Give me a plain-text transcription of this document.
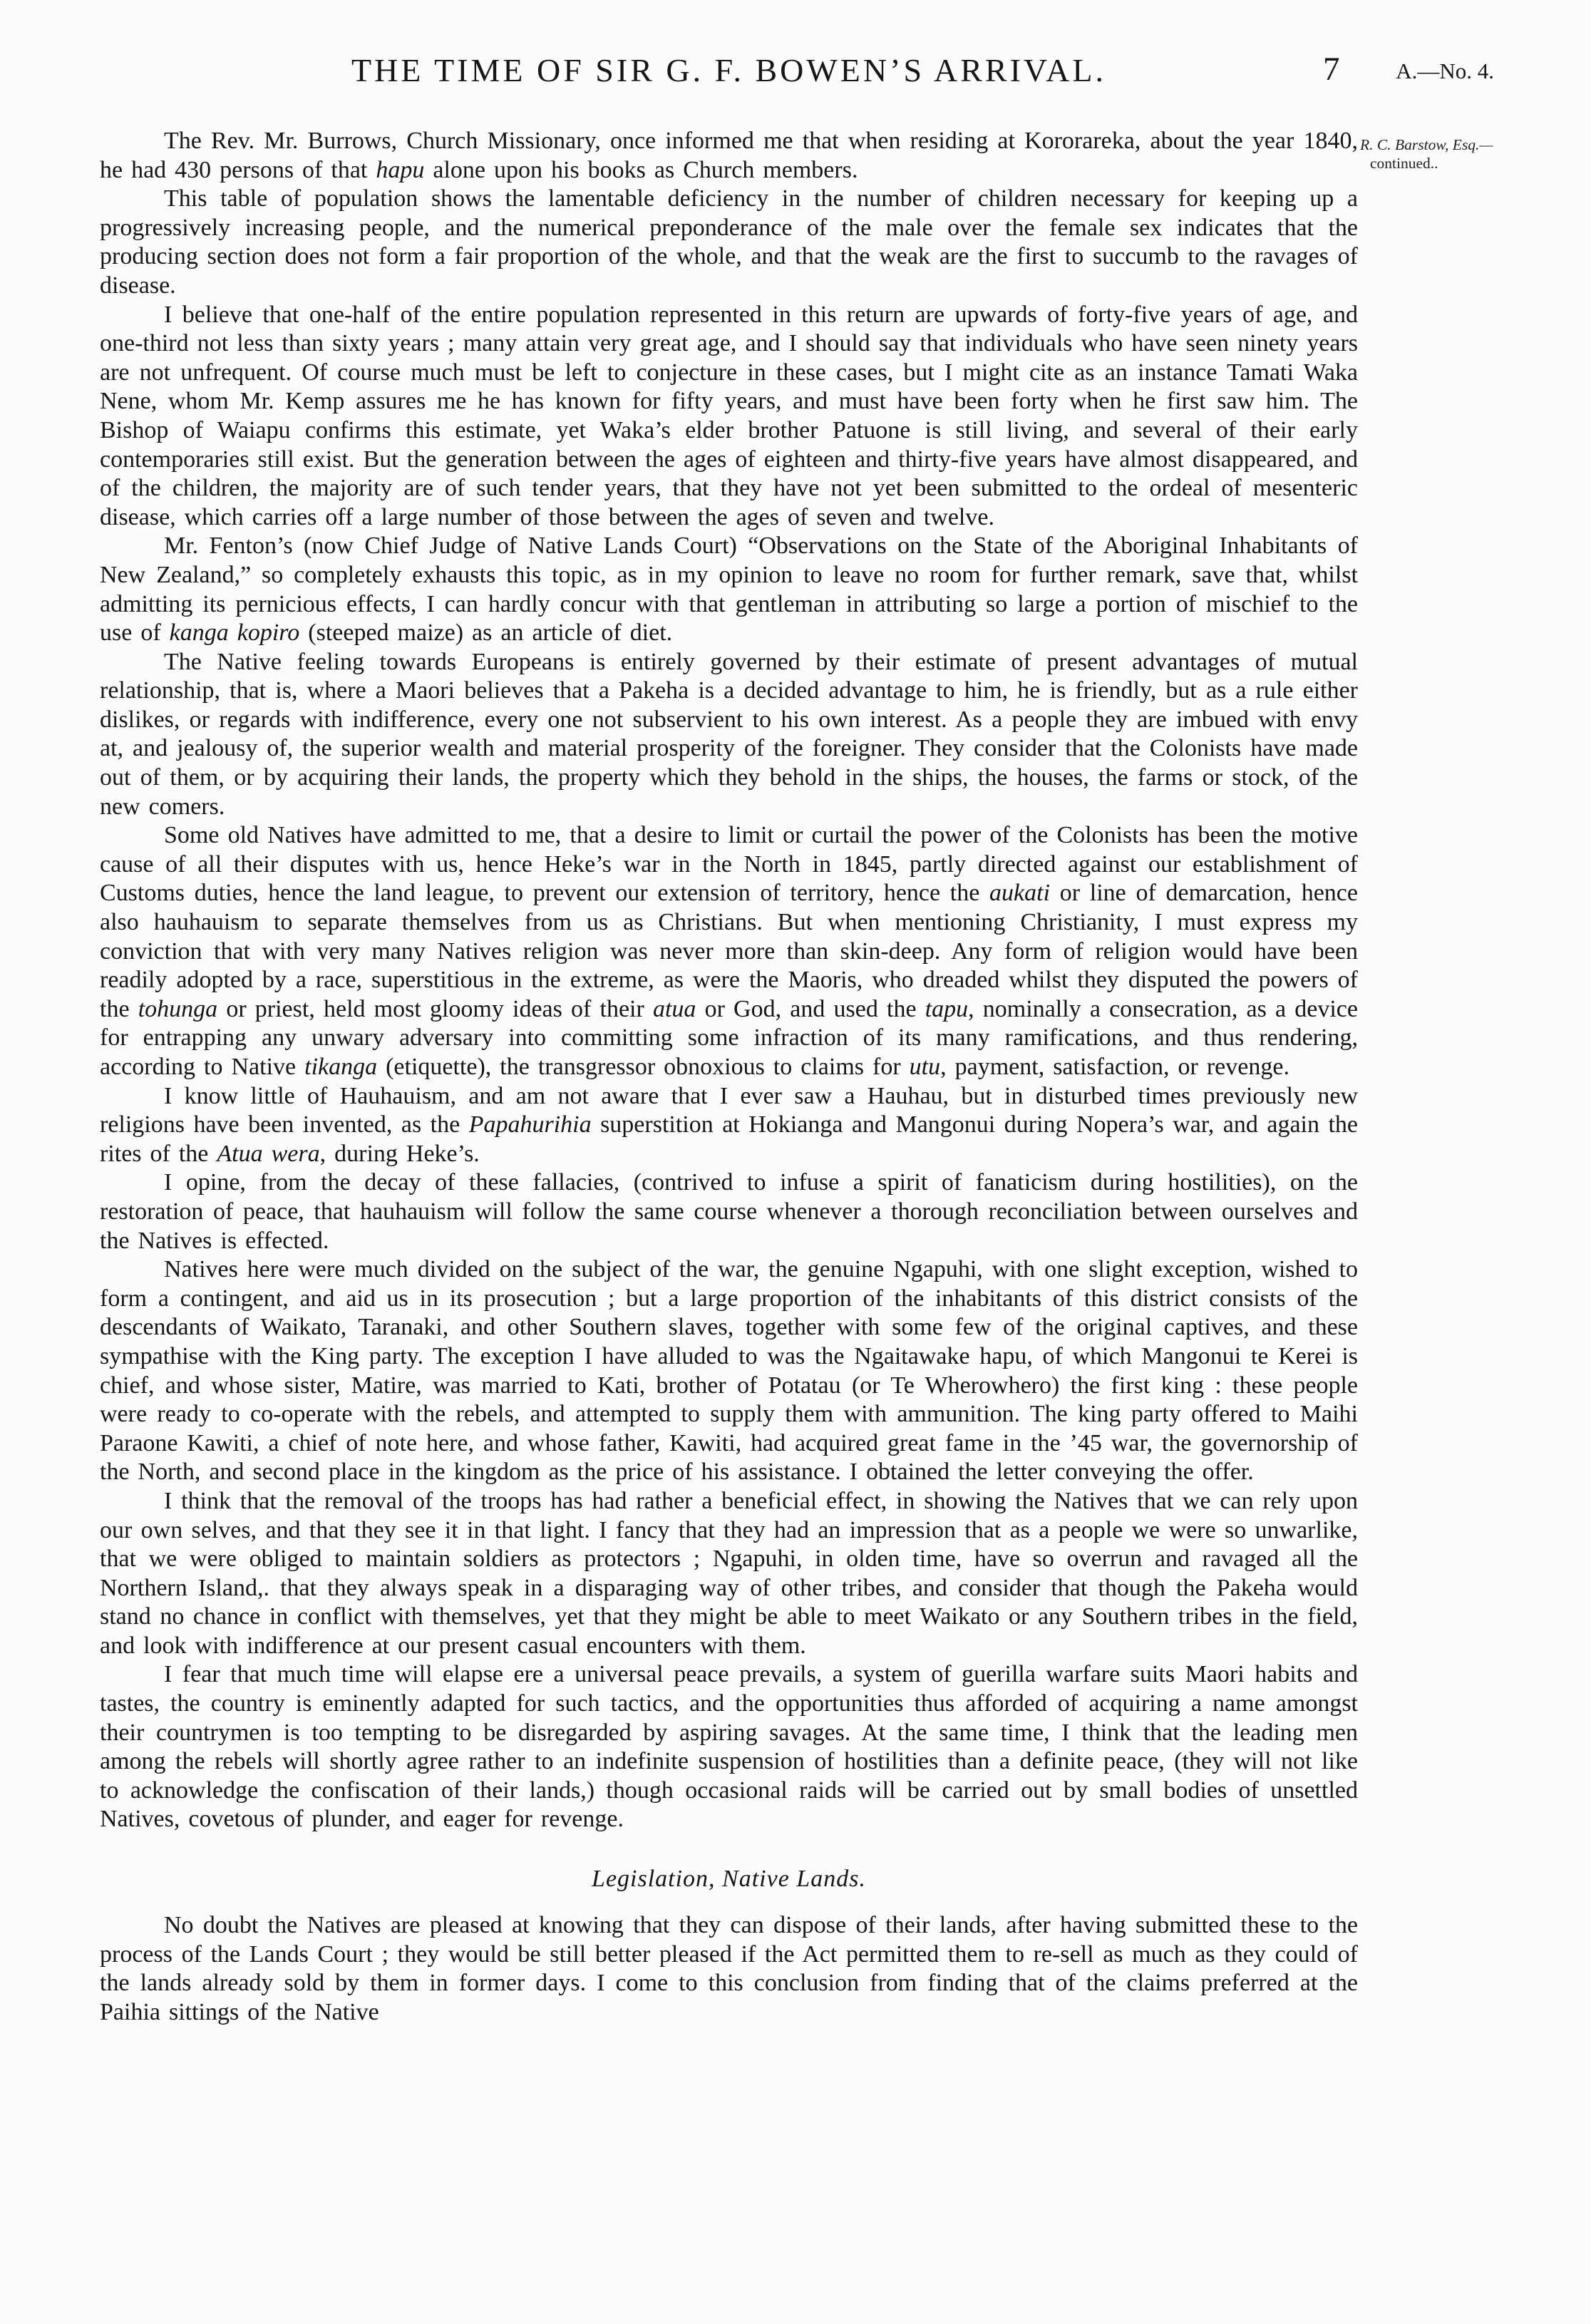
THE TIME OF SIR G. F. BOWEN’S ARRIVAL.	7	A.—No. 4.
R. C. Barstow, Esq.—
continued..

The Rev. Mr. Burrows, Church Missionary, once informed me that when residing at Kororareka, about the year 1840, he had 430 persons of that hapu alone upon his books as Church members.

This table of population shows the lamentable deficiency in the number of children necessary for keeping up a progressively increasing people, and the numerical preponderance of the male over the female sex indicates that the producing section does not form a fair proportion of the whole, and that the weak are the first to succumb to the ravages of disease.

I believe that one-half of the entire population represented in this return are upwards of forty-five years of age, and one-third not less than sixty years ; many attain very great age, and I should say that individuals who have seen ninety years are not unfrequent. Of course much must be left to conjecture in these cases, but I might cite as an instance Tamati Waka Nene, whom Mr. Kemp assures me he has known for fifty years, and must have been forty when he first saw him. The Bishop of Waiapu confirms this estimate, yet Waka’s elder brother Patuone is still living, and several of their early contemporaries still exist. But the generation between the ages of eighteen and thirty-five years have almost disappeared, and of the children, the majority are of such tender years, that they have not yet been submitted to the ordeal of mesenteric disease, which carries off a large number of those between the ages of seven and twelve.

Mr. Fenton’s (now Chief Judge of Native Lands Court) “Observations on the State of the Aboriginal Inhabitants of New Zealand,” so completely exhausts this topic, as in my opinion to leave no room for further remark, save that, whilst admitting its pernicious effects, I can hardly concur with that gentleman in attributing so large a portion of mischief to the use of kanga kopiro (steeped maize) as an article of diet.

The Native feeling towards Europeans is entirely governed by their estimate of present advantages of mutual relationship, that is, where a Maori believes that a Pakeha is a decided advantage to him, he is friendly, but as a rule either dislikes, or regards with indifference, every one not subservient to his own interest. As a people they are imbued with envy at, and jealousy of, the superior wealth and material prosperity of the foreigner. They consider that the Colonists have made out of them, or by acquiring their lands, the property which they behold in the ships, the houses, the farms or stock, of the new comers.

Some old Natives have admitted to me, that a desire to limit or curtail the power of the Colonists has been the motive cause of all their disputes with us, hence Heke’s war in the North in 1845, partly directed against our establishment of Customs duties, hence the land league, to prevent our extension of territory, hence the aukati or line of demarcation, hence also hauhauism to separate themselves from us as Christians. But when mentioning Christianity, I must express my conviction that with very many Natives religion was never more than skin-deep. Any form of religion would have been readily adopted by a race, superstitious in the extreme, as were the Maoris, who dreaded whilst they disputed the powers of the tohunga or priest, held most gloomy ideas of their atua or God, and used the tapu, nominally a consecration, as a device for entrapping any unwary adversary into committing some infraction of its many ramifications, and thus rendering, according to Native tikanga (etiquette), the transgressor obnoxious to claims for utu, payment, satisfaction, or revenge.

I know little of Hauhauism, and am not aware that I ever saw a Hauhau, but in disturbed times previously new religions have been invented, as the Papahurihia superstition at Hokianga and Mangonui during Nopera’s war, and again the rites of the Atua wera, during Heke’s.

I opine, from the decay of these fallacies, (contrived to infuse a spirit of fanaticism during hostilities), on the restoration of peace, that hauhauism will follow the same course whenever a thorough reconciliation between ourselves and the Natives is effected.

Natives here were much divided on the subject of the war, the genuine Ngapuhi, with one slight exception, wished to form a contingent, and aid us in its prosecution ; but a large proportion of the inhabitants of this district consists of the descendants of Waikato, Taranaki, and other Southern slaves, together with some few of the original captives, and these sympathise with the King party. The exception I have alluded to was the Ngaitawake hapu, of which Mangonui te Kerei is chief, and whose sister, Matire, was married to Kati, brother of Potatau (or Te Wherowhero) the first king : these people were ready to co-operate with the rebels, and attempted to supply them with ammunition. The king party offered to Maihi Paraone Kawiti, a chief of note here, and whose father, Kawiti, had acquired great fame in the ’45 war, the governorship of the North, and second place in the kingdom as the price of his assistance. I obtained the letter conveying the offer.

I think that the removal of the troops has had rather a beneficial effect, in showing the Natives that we can rely upon our own selves, and that they see it in that light. I fancy that they had an impression that as a people we were so unwarlike, that we were obliged to maintain soldiers as protectors ; Ngapuhi, in olden time, have so overrun and ravaged all the Northern Island,. that they always speak in a disparaging way of other tribes, and consider that though the Pakeha would stand no chance in conflict with themselves, yet that they might be able to meet Waikato or any Southern tribes in the field, and look with indifference at our present casual encounters with them.

I fear that much time will elapse ere a universal peace prevails, a system of guerilla warfare suits Maori habits and tastes, the country is eminently adapted for such tactics, and the opportunities thus afforded of acquiring a name amongst their countrymen is too tempting to be disregarded by aspiring savages. At the same time, I think that the leading men among the rebels will shortly agree rather to an indefinite suspension of hostilities than a definite peace, (they will not like to acknowledge the confiscation of their lands,) though occasional raids will be carried out by small bodies of unsettled Natives, covetous of plunder, and eager for revenge.

Legislation, Native Lands.

No doubt the Natives are pleased at knowing that they can dispose of their lands, after having submitted these to the process of the Lands Court ; they would be still better pleased if the Act permitted them to re-sell as much as they could of the lands already sold by them in former days. I come to this conclusion from finding that of the claims preferred at the Paihia sittings of the Native
